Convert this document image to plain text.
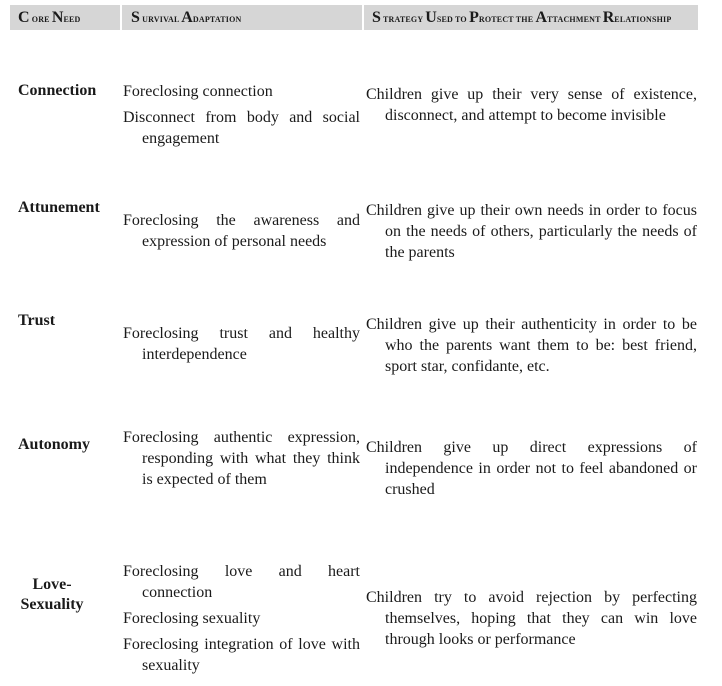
C ORE NEED	S URVIVAL ADAPTATION	S TRATEGY USED TO PROTECT THE ATTACHMENT RELATIONSHIP
Connection Foreclosing connection

Disconnect from body and social engagement

Children give up their very sense of existence, disconnect, and attempt to become invisible
Attunement

Foreclosing the awareness and expression of personal needs

Children give up their own needs in order to focus on the needs of others, particularly the needs of the parents
Trust

Foreclosing trust and healthy interdependence

Children give up their authenticity in order to be who the parents want them to be: best friend, sport star, confidante, etc.
Autonomy Foreclosing authentic expression, responding with what they think is expected of them

Children give up direct expressions of independence in order not to feel abandoned or crushed
Love-
Sexuality

Foreclosing love and heart connection

Foreclosing sexuality

Foreclosing integration of love with sexuality

Children try to avoid rejection by perfecting themselves, hoping that they can win love through looks or performance
